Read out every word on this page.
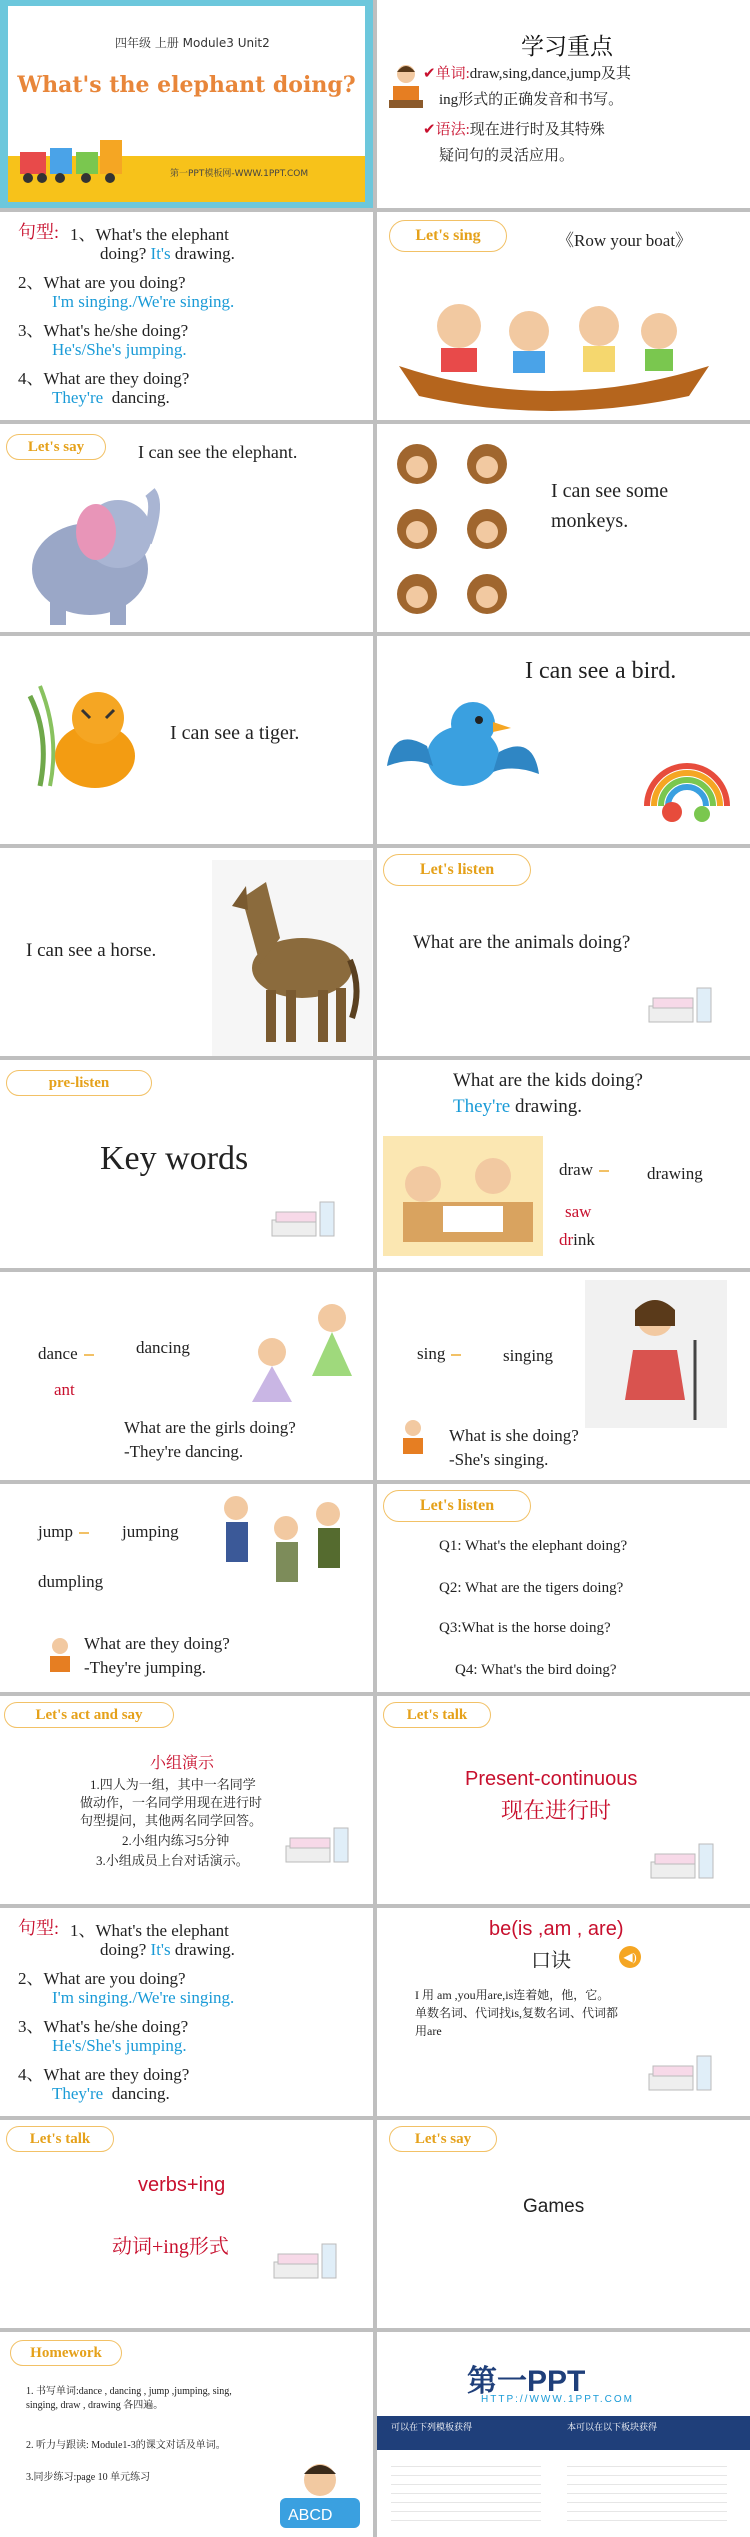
四年级 上册 Module3 Unit2
What's the elephant doing?
第一PPT模板网-WWW.1PPT.COM
学习重点
✔单词:draw,sing,dance,jump及其
ing形式的正确发音和书写。
✔语法:现在进行时及其特殊
疑问句的灵活应用。
句型: 1、What's the elephant
doing? It's drawing.
2、What are you doing?
I'm singing./We're singing.
3、What's he/she doing?
He's/She's jumping.
4、What are they doing?
They're dancing.
Let's sing	《Row your boat》
Let's say	I can see the elephant.
I can see some
monkeys.
I can see a tiger.
I can see a bird.
I can see a horse.
Let's listen
What are the animals doing?
pre-listen
Key words
What are the kids doing?
They're drawing.
draw	drawing
saw
drink
dance	dancing
ant
What are the girls doing?
-They're dancing.
sing	singing
What is she doing?
-She's singing.
jump	jumping
dumpling
What are they doing?
-They're jumping.
Let's listen
Q1: What's the elephant doing?
Q2: What are the tigers doing?
Q3:What is the horse doing?
Q4: What's the bird doing?
Let's act and say
小组演示
1.四人为一组，其中一名同学
做动作，一名同学用现在进行时
句型提问，其他两名同学回答。
2.小组内练习5分钟
3.小组成员上台对话演示。
Let's talk
Present-continuous
现在进行时
句型: 1、What's the elephant
doing? It's drawing.
2、What are you doing?
I'm singing./We're singing.
3、What's he/she doing?
He's/She's jumping.
4、What are they doing?
They're dancing.
be(is ,am , are)
口诀	◀)
I 用 am ,you用are,is连着她，他，它。
单数名词、代词找is,复数名词、代词都
用are
Let's talk
verbs+ing
动词+ing形式
Let's say
Games
Homework
1. 书写单词:dance , dancing , jump ,jumping, sing,
singing, draw , drawing 各四遍。
2. 听力与跟读: Module1-3的课文对话及单词。
3.同步练习:page 10 单元练习
ABCD
第一PPT
HTTP://WWW.1PPT.COM
可以在下列模板获得	本可以在以下板块获得
